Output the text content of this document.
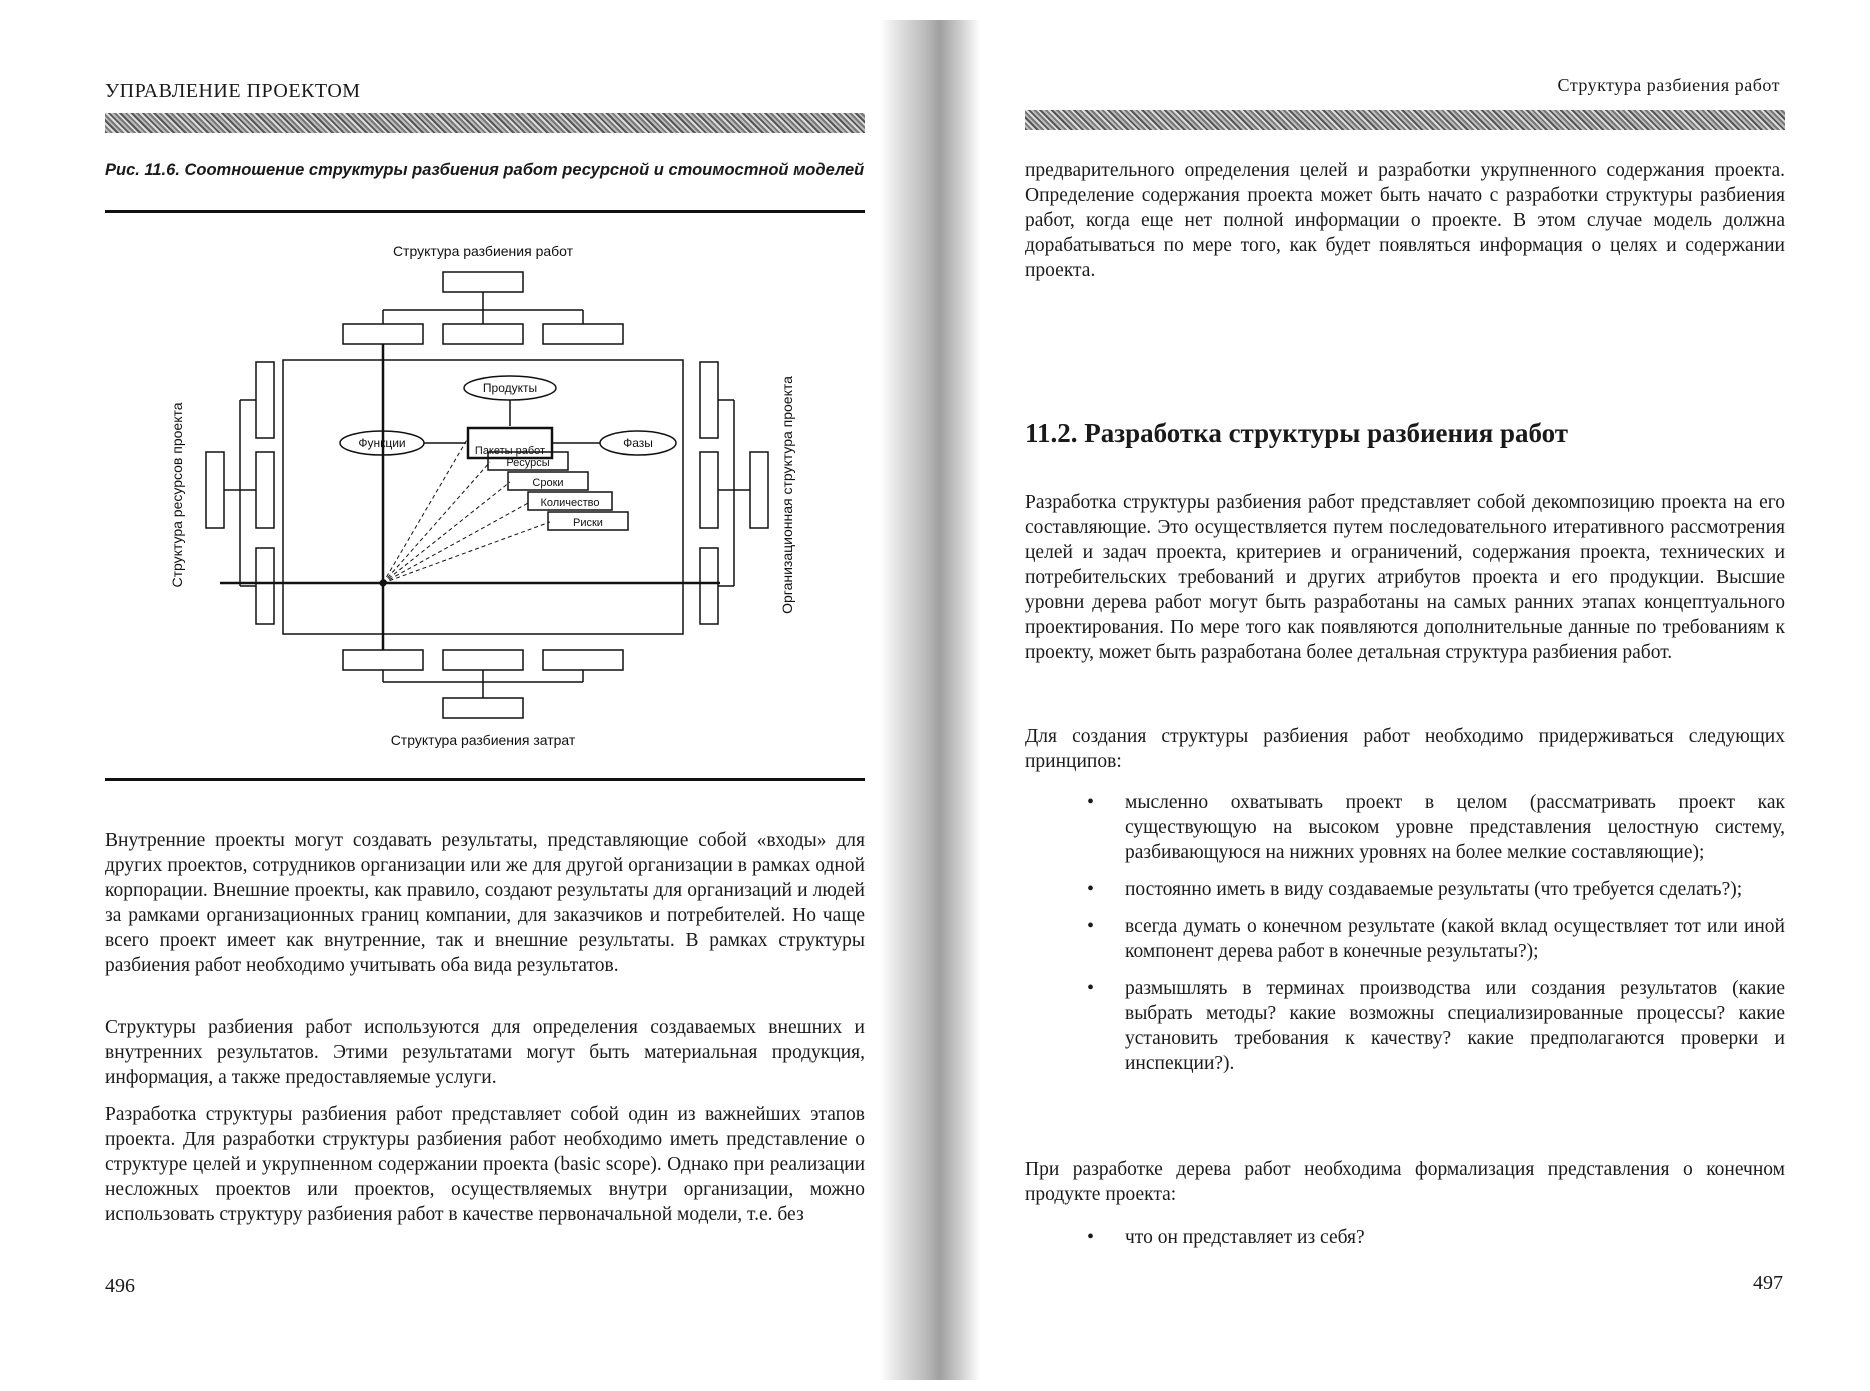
УПРАВЛЕНИЕ ПРОЕКТОМ
Рис. 11.6. Соотношение структуры разбиения работ ресурсной и стоимостной моделей
Структура разбиения работ
Структура разбиения затрат
Продукты
Функции	Фазы
Пакеты работ
Ресурсы
Сроки
Количество
Риски
Структура ресурсов проекта	Организационная структура проекта

Внутренние проекты могут создавать результаты, представляющие собой «входы» для других проектов, сотрудников организации или же для другой организации в рамках одной корпорации. Внешние проекты, как правило, создают результаты для организаций и людей за рамками организационных границ компании, для заказчиков и потребителей. Но чаще всего проект имеет как внутренние, так и внешние результаты. В рамках структуры разбиения работ необходимо учитывать оба вида результатов.

Структуры разбиения работ используются для определения создаваемых внешних и внутренних результатов. Этими результатами могут быть материальная продукция, информация, а также предоставляемые услуги.

Разработка структуры разбиения работ представляет собой один из важнейших этапов проекта. Для разработки структуры разбиения работ необходимо иметь представление о структуре целей и укрупненном содержании проекта (basic scope). Однако при реализации несложных проектов или проектов, осуществляемых внутри организации, можно использовать структуру разбиения работ в качестве первоначальной модели, т.е. без

496
Структура разбиения работ

предварительного определения целей и разработки укрупненного содержания проекта. Определение содержания проекта может быть начато с разработки структуры разбиения работ, когда еще нет полной информации о проекте. В этом случае модель должна дорабатываться по мере того, как будет появляться информация о целях и содержании проекта.

11.2. Разработка структуры разбиения работ

Разработка структуры разбиения работ представляет собой декомпозицию проекта на его составляющие. Это осуществляется путем последовательного итеративного рассмотрения целей и задач проекта, критериев и ограничений, содержания проекта, технических и потребительских требований и других атрибутов проекта и его продукции. Высшие уровни дерева работ могут быть разработаны на самых ранних этапах концептуального проектирования. По мере того как появляются дополнительные данные по требованиям к проекту, может быть разработана более детальная структура разбиения работ.

Для создания структуры разбиения работ необходимо придерживаться следующих принципов:

• мысленно охватывать проект в целом (рассматривать проект как существующую на высоком уровне представления целостную систему, разбивающуюся на нижних уровнях на более мелкие составляющие);
• постоянно иметь в виду создаваемые результаты (что требуется сделать?);
• всегда думать о конечном результате (какой вклад осуществляет тот или иной компонент дерева работ в конечные результаты?);
• размышлять в терминах производства или создания результатов (какие выбрать методы? какие возможны специализированные процессы? какие установить требования к качеству? какие предполагаются проверки и инспекции?).

При разработке дерева работ необходима формализация представления о конечном продукте проекта:

• что он представляет из себя?
497
